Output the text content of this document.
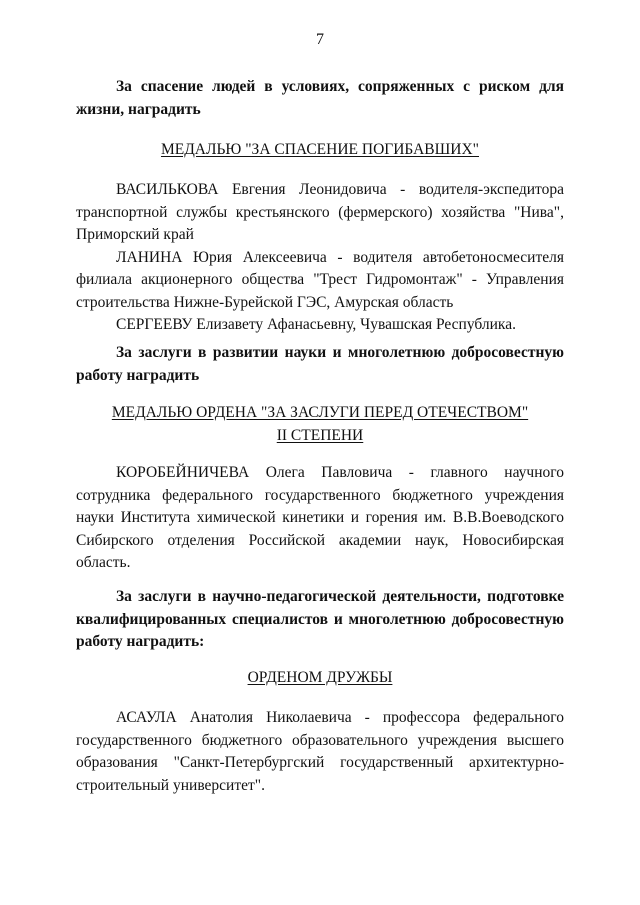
7

За спасение людей в условиях, сопряженных с риском для жизни, наградить

МЕДАЛЬЮ "ЗА СПАСЕНИЕ ПОГИБАВШИХ"

ВАСИЛЬКОВА Евгения Леонидовича - водителя-экспедитора транспортной службы крестьянского (фермерского) хозяйства "Нива", Приморский край

ЛАНИНА Юрия Алексеевича - водителя автобетоносмесителя филиала акционерного общества "Трест Гидромонтаж" - Управления строительства Нижне-Бурейской ГЭС, Амурская область

СЕРГЕЕВУ Елизавету Афанасьевну, Чувашская Республика.

За заслуги в развитии науки и многолетнюю добросовестную работу наградить

МЕДАЛЬЮ ОРДЕНА "ЗА ЗАСЛУГИ ПЕРЕД ОТЕЧЕСТВОМ"
II СТЕПЕНИ

КОРОБЕЙНИЧЕВА Олега Павловича - главного научного сотрудника федерального государственного бюджетного учреждения науки Института химической кинетики и горения им. В.В.Воеводского Сибирского отделения Российской академии наук, Новосибирская область.

За заслуги в научно-педагогической деятельности, подготовке квалифицированных специалистов и многолетнюю добросовестную работу наградить:

ОРДЕНОМ ДРУЖБЫ

АСАУЛА Анатолия Николаевича - профессора федерального государственного бюджетного образовательного учреждения высшего образования "Санкт-Петербургский государственный архитектурно-строительный университет".
